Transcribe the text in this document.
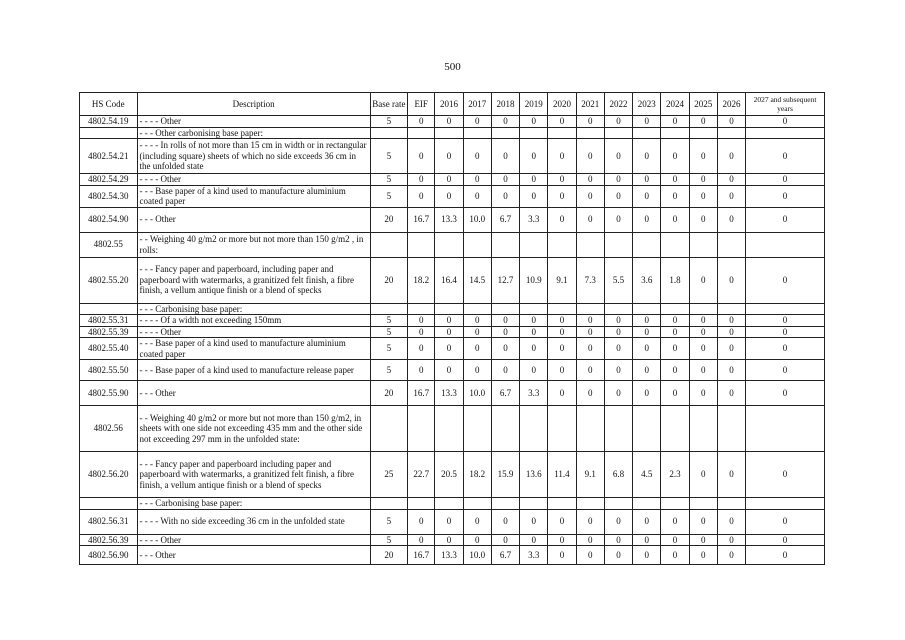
500
HS Code	Description	Base rate	EIF	2016	2017	2018	2019	2020	2021	2022	2023	2024	2025	2026	2027 and subsequent years
4802.54.19	- - - - Other	5	0	0	0	0	0	0	0	0	0	0	0	0	0
	- - - Other carbonising base paper:														
4802.54.21	- - - - In rolls of not more than 15 cm in width or in rectangular (including square) sheets of which no side exceeds 36 cm in the unfolded state	5	0	0	0	0	0	0	0	0	0	0	0	0	0
4802.54.29	- - - - Other	5	0	0	0	0	0	0	0	0	0	0	0	0	0
4802.54.30	- - - Base paper of a kind used to manufacture aluminium coated paper	5	0	0	0	0	0	0	0	0	0	0	0	0	0
4802.54.90	- - - Other	20	16.7	13.3	10.0	6.7	3.3	0	0	0	0	0	0	0	0
4802.55	- - Weighing 40 g/m2 or more but not more than 150 g/m2 , in rolls:														
4802.55.20	- - - Fancy paper and paperboard, including paper and paperboard with watermarks, a granitized felt finish, a fibre finish, a vellum antique finish or a blend of specks	20	18.2	16.4	14.5	12.7	10.9	9.1	7.3	5.5	3.6	1.8	0	0	0
	- - - Carbonising base paper:														
4802.55.31	- - - - Of a width not exceeding 150mm	5	0	0	0	0	0	0	0	0	0	0	0	0	0
4802.55.39	- - - - Other	5	0	0	0	0	0	0	0	0	0	0	0	0	0
4802.55.40	- - - Base paper of a kind used to manufacture aluminium coated paper	5	0	0	0	0	0	0	0	0	0	0	0	0	0
4802.55.50	- - - Base paper of a kind used to manufacture release paper	5	0	0	0	0	0	0	0	0	0	0	0	0	0
4802.55.90	- - - Other	20	16.7	13.3	10.0	6.7	3.3	0	0	0	0	0	0	0	0
4802.56	- - Weighing 40 g/m2 or more but not more than 150 g/m2, in sheets with one side not exceeding 435 mm and the other side not exceeding 297 mm in the unfolded state:														
4802.56.20	- - - Fancy paper and paperboard including paper and paperboard with watermarks, a granitized felt finish, a fibre finish, a vellum antique finish or a blend of specks	25	22.7	20.5	18.2	15.9	13.6	11.4	9.1	6.8	4.5	2.3	0	0	0
	- - - Carbonising base paper:														
4802.56.31	- - - - With no side exceeding 36 cm in the unfolded state	5	0	0	0	0	0	0	0	0	0	0	0	0	0
4802.56.39	- - - - Other	5	0	0	0	0	0	0	0	0	0	0	0	0	0
4802.56.90	- - - Other	20	16.7	13.3	10.0	6.7	3.3	0	0	0	0	0	0	0	0
